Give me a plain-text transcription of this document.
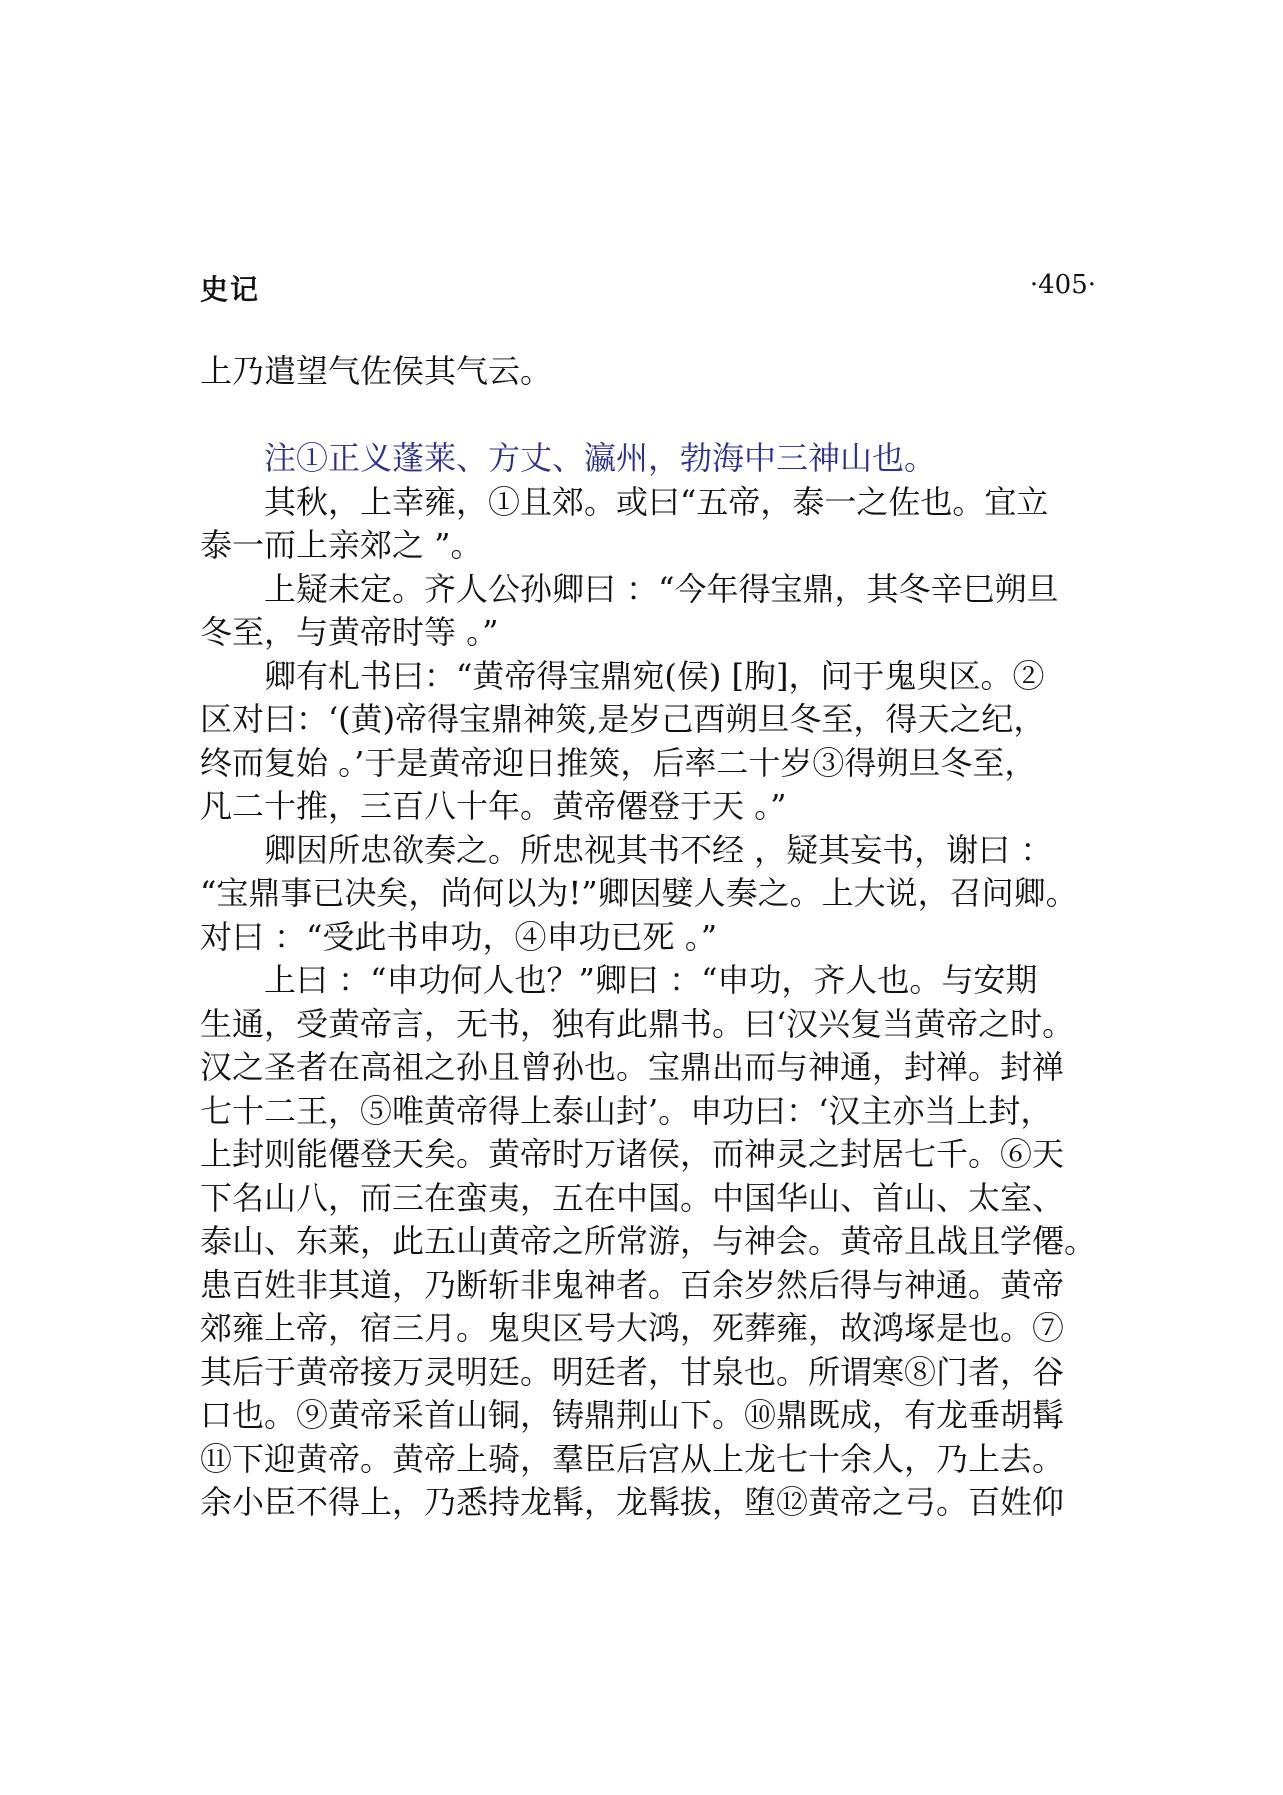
史记	·405·
上乃遣望气佐侯其气云。
注①正义蓬莱、方丈、瀛州，勃海中三神山也。
其秋，上幸雍，①且郊。或曰“五帝，泰一之佐也。宜立
泰一而上亲郊之 ”。
上疑未定。齐人公孙卿曰 ：“今年得宝鼎，其冬辛巳朔旦
冬至，与黄帝时等 。”
卿有札书曰：“黄帝得宝鼎宛(侯) [朐]，问于鬼臾区。②
区对曰：‘(黄)帝得宝鼎神筴,是岁己酉朔旦冬至，得天之纪，
终而复始 。’于是黄帝迎日推筴，后率二十岁③得朔旦冬至，
凡二十推，三百八十年。黄帝僊登于天 。”
卿因所忠欲奏之。所忠视其书不经 ，疑其妄书，谢曰 ：
“宝鼎事已决矣，尚何以为!”卿因嬖人奏之。上大说，召问卿。
对曰 ：“受此书申功，④申功已死 。”
上曰 ：“申功何人也？”卿曰 ：“申功，齐人也。与安期
生通，受黄帝言，无书，独有此鼎书。曰‘汉兴复当黄帝之时。
汉之圣者在高祖之孙且曾孙也。宝鼎出而与神通，封禅。封禅
七十二王，⑤唯黄帝得上泰山封’。申功曰：‘汉主亦当上封，
上封则能僊登天矣。黄帝时万诸侯，而神灵之封居七千。⑥天
下名山八，而三在蛮夷，五在中国。中国华山、首山、太室、
泰山、东莱，此五山黄帝之所常游，与神会。黄帝且战且学僊。
患百姓非其道，乃断斩非鬼神者。百余岁然后得与神通。黄帝
郊雍上帝，宿三月。鬼臾区号大鸿，死葬雍，故鸿塚是也。⑦
其后于黄帝接万灵明廷。明廷者，甘泉也。所谓寒⑧门者，谷
口也。⑨黄帝采首山铜，铸鼎荆山下。⑩鼎既成，有龙垂胡髯
⑪下迎黄帝。黄帝上骑，羣臣后宫从上龙七十余人，乃上去。
余小臣不得上，乃悉持龙髯，龙髯拔，堕⑫黄帝之弓。百姓仰
